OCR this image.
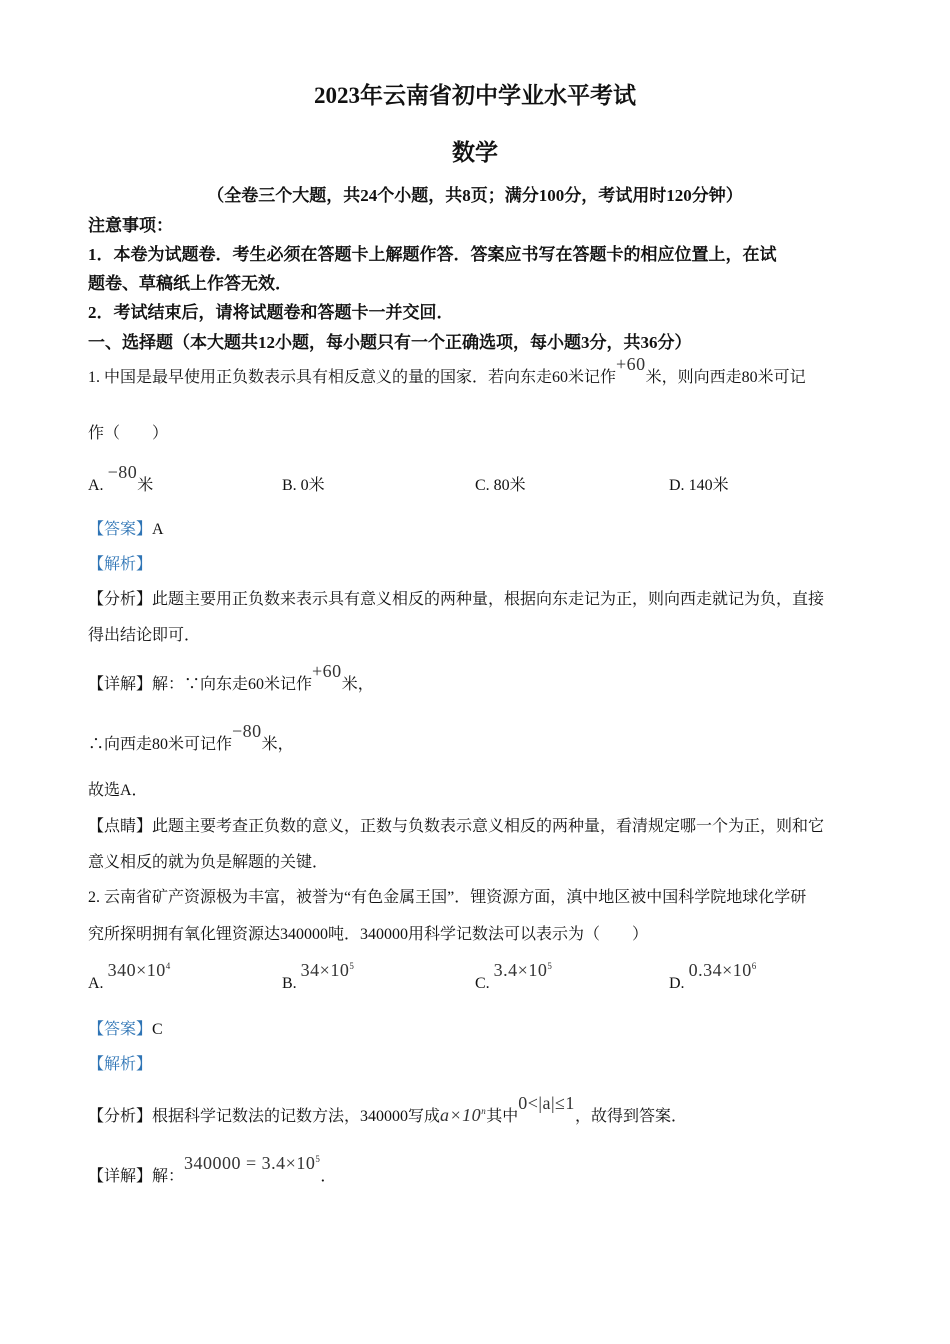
2023年云南省初中学业水平考试
数学
（全卷三个大题，共24个小题，共8页；满分100分，考试用时120分钟）
注意事项：
1．本卷为试题卷．考生必须在答题卡上解题作答．答案应书写在答题卡的相应位置上，在试
题卷、草稿纸上作答无效．
2．考试结束后，请将试题卷和答题卡一并交回．
一、选择题（本大题共12小题，每小题只有一个正确选项，每小题3分，共36分）
1. 中国是最早使用正负数表示具有相反意义的量的国家．若向东走60米记作+60米，则向西走80米可记
作（　　）
A. −80米	B. 0米	C. 80米	D. 140米
【答案】A
【解析】
【分析】此题主要用正负数来表示具有意义相反的两种量，根据向东走记为正，则向西走就记为负，直接
得出结论即可．
【详解】解：∵向东走60米记作+60米，
∴向西走80米可记作−80米，
故选A．
【点睛】此题主要考查正负数的意义，正数与负数表示意义相反的两种量，看清规定哪一个为正，则和它
意义相反的就为负是解题的关键．
2. 云南省矿产资源极为丰富，被誉为“有色金属王国”．锂资源方面，滇中地区被中国科学院地球化学研
究所探明拥有氧化锂资源达340000吨．340000用科学记数法可以表示为（　　）
A. $340\times 10^4$
B. $34\times 10^5$
C. $3.4\times 10^5$
D. $0.34\times 10^6$
【答案】C
【解析】
【分析】根据科学记数法的记数方法，340000写成$a\times 10^n$其中0<|a|≤1，故得到答案．
【详解】解：$340000 = 3.4\times 10^5$．
